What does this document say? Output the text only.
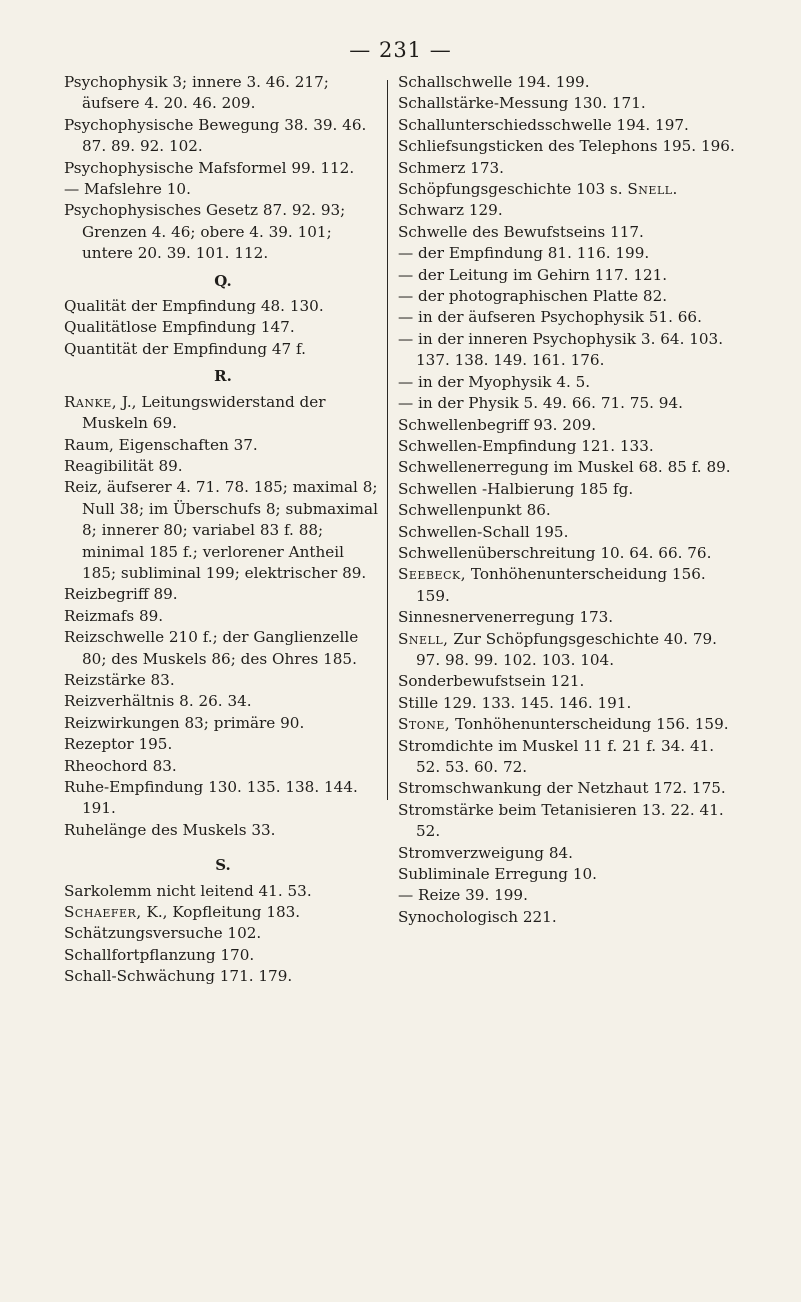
— 231 —

Psychophysik 3; innere 3. 46. 217; äufsere 4. 20. 46. 209.

Psychophysische Bewegung 38. 39. 46. 87. 89. 92. 102.

Psychophysische Mafsformel 99. 112.

— Mafslehre 10.

Psychophysisches Gesetz 87. 92. 93; Grenzen 4. 46; obere 4. 39. 101; untere 20. 39. 101. 112.

Q.

Qualität der Empfindung 48. 130.

Qualitätlose Empfindung 147.

Quantität der Empfindung 47 f.

R.

Ranke, J., Leitungswiderstand der Muskeln 69.

Raum, Eigenschaften 37.

Reagibilität 89.

Reiz, äufserer 4. 71. 78. 185; maximal 8; Null 38; im Überschufs 8; submaximal 8; innerer 80; variabel 83 f. 88; minimal 185 f.; verlorener Antheil 185; subliminal 199; elektrischer 89.

Reizbegriff 89.

Reizmafs 89.

Reizschwelle 210 f.; der Ganglienzelle 80; des Muskels 86; des Ohres 185.

Reizstärke 83.

Reizverhältnis 8. 26. 34.

Reizwirkungen 83; primäre 90.

Rezeptor 195.

Rheochord 83.

Ruhe-Empfindung 130. 135. 138. 144. 191.

Ruhelänge des Muskels 33.

S.

Sarkolemm nicht leitend 41. 53.

Schaefer, K., Kopfleitung 183.

Schätzungsversuche 102.

Schallfortpflanzung 170.

Schall-Schwächung 171. 179.

Schallschwelle 194. 199.

Schallstärke-Messung 130. 171.

Schallunterschiedsschwelle 194. 197.

Schliefsungsticken des Telephons 195. 196.

Schmerz 173.

Schöpfungsgeschichte 103 s. Snell.

Schwarz 129.

Schwelle des Bewufstseins 117.

— der Empfindung 81. 116. 199.

— der Leitung im Gehirn 117. 121.

— der photographischen Platte 82.

— in der äufseren Psychophysik 51. 66.

— in der inneren Psychophysik 3. 64. 103. 137. 138. 149. 161. 176.

— in der Myophysik 4. 5.

— in der Physik 5. 49. 66. 71. 75. 94.

Schwellenbegriff 93. 209.

Schwellen-Empfindung 121. 133.

Schwellenerregung im Muskel 68. 85 f. 89.

Schwellen -Halbierung 185 fg.

Schwellenpunkt 86.

Schwellen-Schall 195.

Schwellenüberschreitung 10. 64. 66. 76.

Seebeck, Tonhöhenunterscheidung 156. 159.

Sinnesnervenerregung 173.

Snell, Zur Schöpfungsgeschichte 40. 79. 97. 98. 99. 102. 103. 104.

Sonderbewufstsein 121.

Stille 129. 133. 145. 146. 191.

Stone, Tonhöhenunterscheidung 156. 159.

Stromdichte im Muskel 11 f. 21 f. 34. 41. 52. 53. 60. 72.

Stromschwankung der Netzhaut 172. 175.

Stromstärke beim Tetanisieren 13. 22. 41. 52.

Stromverzweigung 84.

Subliminale Erregung 10.

— Reize 39. 199.

Synochologisch 221.
